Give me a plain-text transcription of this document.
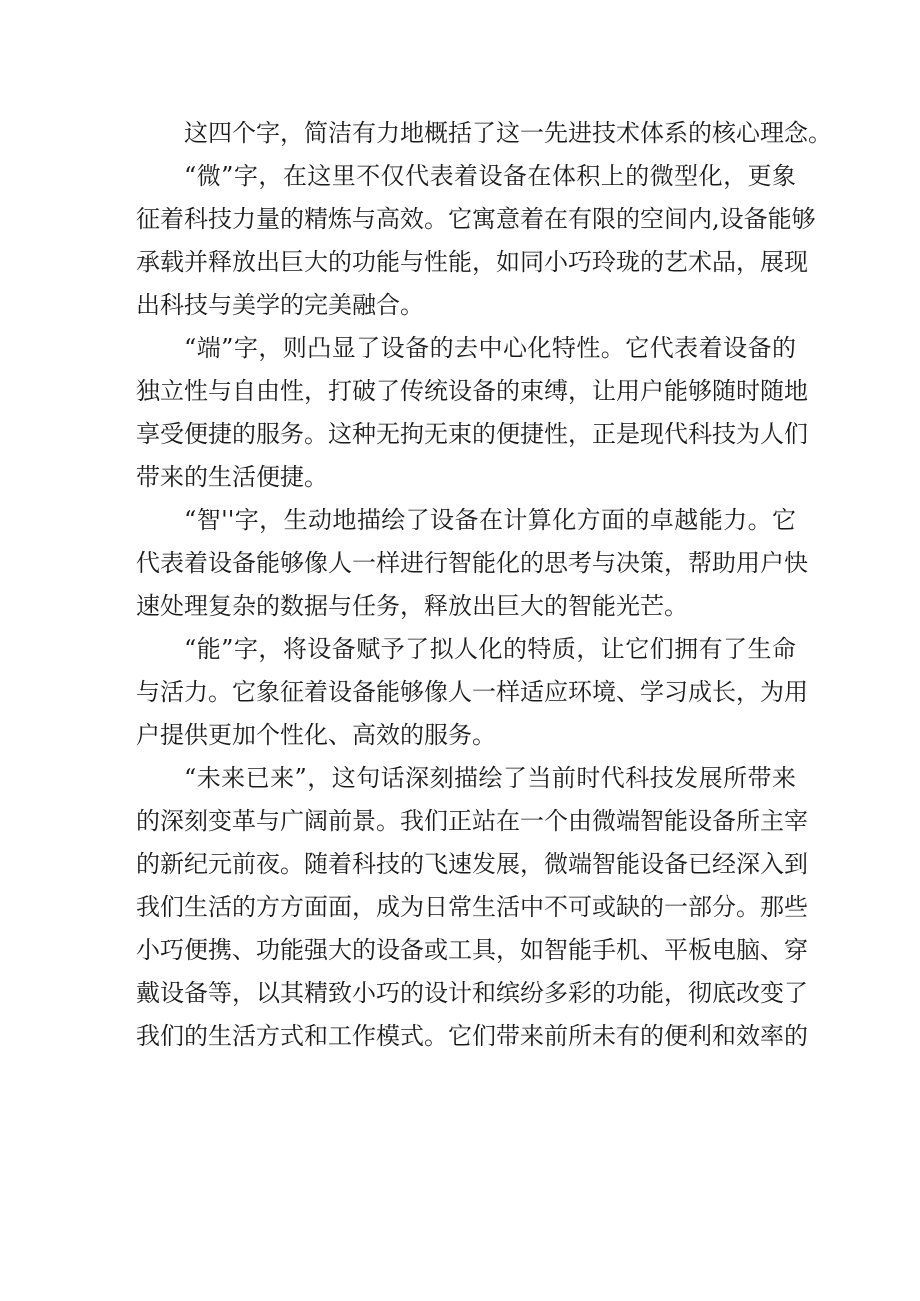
这四个字，简洁有力地概括了这一先进技术体系的核心理念。
“微”字，在这里不仅代表着设备在体积上的微型化，更象
征着科技力量的精炼与高效。它寓意着在有限的空间内,设备能够
承载并释放出巨大的功能与性能，如同小巧玲珑的艺术品，展现
出科技与美学的完美融合。
“端”字，则凸显了设备的去中心化特性。它代表着设备的
独立性与自由性，打破了传统设备的束缚，让用户能够随时随地
享受便捷的服务。这种无拘无束的便捷性，正是现代科技为人们
带来的生活便捷。
“智''字，生动地描绘了设备在计算化方面的卓越能力。它
代表着设备能够像人一样进行智能化的思考与决策，帮助用户快
速处理复杂的数据与任务，释放出巨大的智能光芒。
“能”字，将设备赋予了拟人化的特质，让它们拥有了生命
与活力。它象征着设备能够像人一样适应环境、学习成长，为用
户提供更加个性化、高效的服务。
“未来已来”，这句话深刻描绘了当前时代科技发展所带来
的深刻变革与广阔前景。我们正站在一个由微端智能设备所主宰
的新纪元前夜。随着科技的飞速发展，微端智能设备已经深入到
我们生活的方方面面，成为日常生活中不可或缺的一部分。那些
小巧便携、功能强大的设备或工具，如智能手机、平板电脑、穿
戴设备等，以其精致小巧的设计和缤纷多彩的功能，彻底改变了
我们的生活方式和工作模式。它们带来前所未有的便利和效率的
